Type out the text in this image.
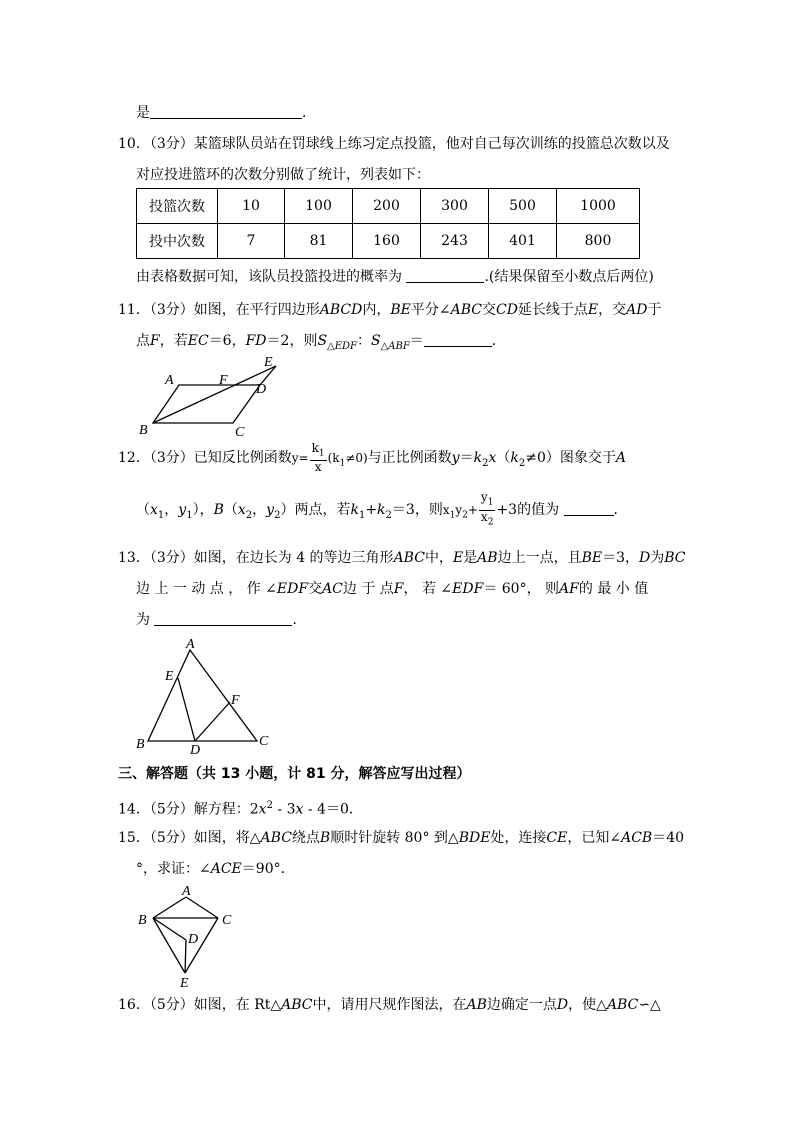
是	．
10．（3分）某篮球队员站在罚球线上练习定点投篮，他对自己每次训练的投篮总次数以及
对应投进篮环的次数分别做了统计，列表如下：
投篮次数	10	100	200	300	500	1000
投中次数	7	81	160	243	401	800
由表格数据可知，该队员投篮投进的概率为	.(结果保留至小数点后两位)
11．（3分）如图，在平行四边形ABCD内，BE平分∠ABC交CD延长线于点E，交AD于
点F，若EC＝6，FD＝2，则$S_{\triangle EDF}$：$S_{\triangle ABF}=$	．
A	F
E
D
B	C
12．（3分）已知反比例函数$y= \frac{k_1}{x} (k_1\ne 0)$与正比例函数$y=k_2x(k_2\ne 0)$图象交于A
（$x_1$，$y_1$），$B(x_2$，$y_2$）两点，若$k_1+k_2=3$，则$x_1y_2+ \frac{y_1}{x_2} +3$的值为	．
13．（3分）如图，在边长为 4 的等边三角形ABC中，E是AB边上一点，且BE＝3，D为BC
边 上 一 动 点 ， 作 ∠EDF交AC边 于 点F， 若 ∠EDF＝ 60°， 则AF的 最 小 值
为	．
A
E
F
B	D
C
三、解答题（共 13 小题，计 81 分，解答应写出过程）
14．（5分）解方程：$2x^2 - 3x - 4=0$．
15．（5分）如图，将△ABC绕点B顺时针旋转 80° 到△BDE处，连接CE，已知∠ACB＝40
°，求证：∠ACE＝90°．
A
B	C
D
E
16．（5分）如图，在 Rt△ABC中，请用尺规作图法，在AB边确定一点D，使△ABC∽△
